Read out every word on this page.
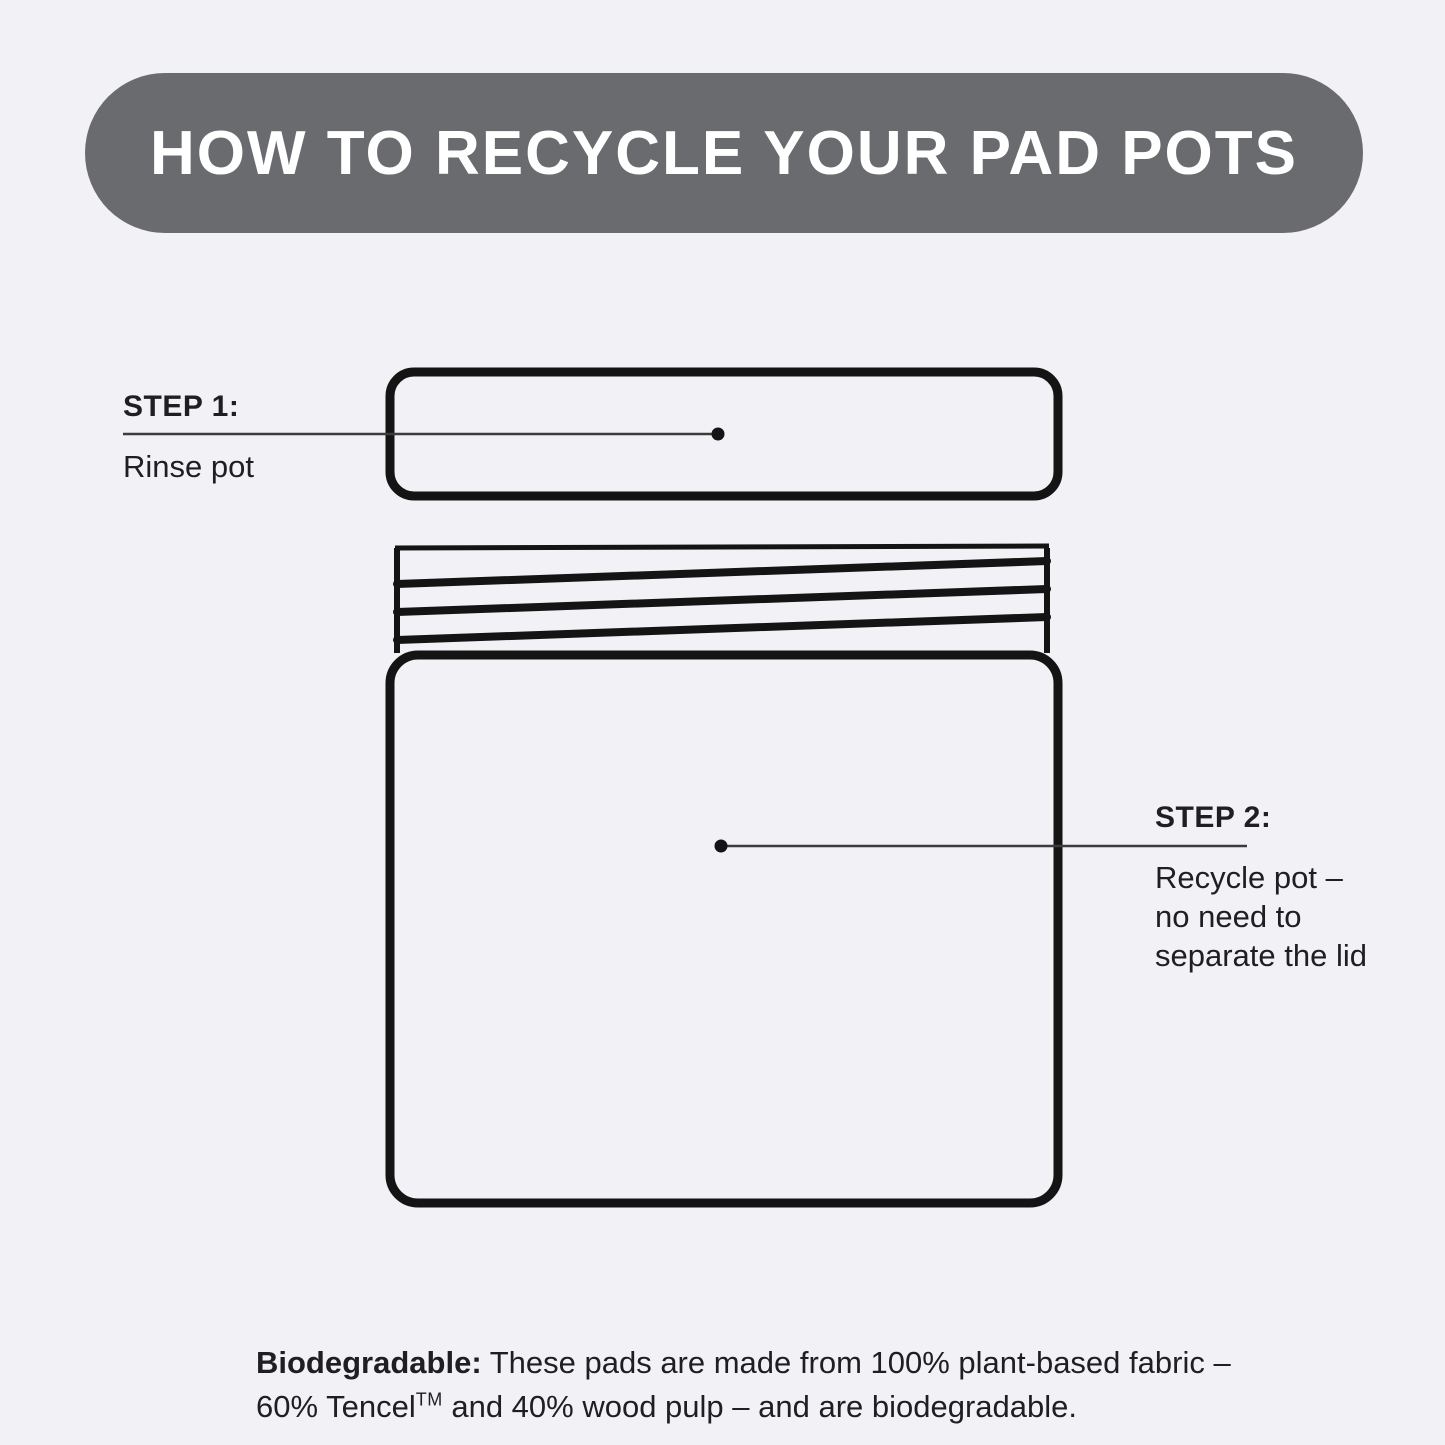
HOW TO RECYCLE YOUR PAD POTS
STEP 1:
Rinse pot
STEP 2:
Recycle pot –
no need to
separate the lid
Biodegradable: These pads are made from 100% plant-based fabric –
60% Tencel™ and 40% wood pulp – and are biodegradable.
